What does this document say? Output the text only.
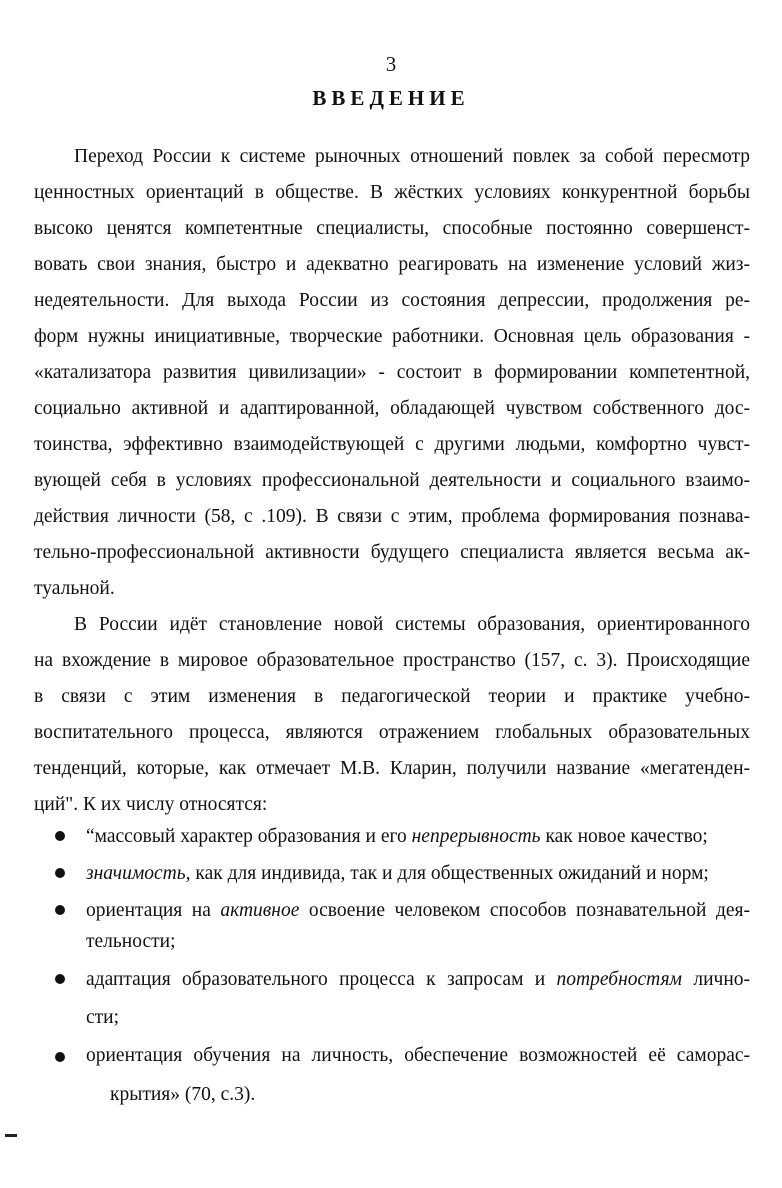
3
ВВЕДЕНИЕ
Переход России к системе рыночных отношений повлек за собой пересмотр
ценностных ориентаций в обществе. В жёстких условиях конкурентной борьбы
высоко ценятся компетентные специалисты, способные постоянно совершенст-
вовать свои знания, быстро и адекватно реагировать на изменение условий жиз-
недеятельности. Для выхода России из состояния депрессии, продолжения ре-
форм нужны инициативные, творческие работники. Основная цель образования -
«катализатора развития цивилизации» - состоит в формировании компетентной,
социально активной и адаптированной, обладающей чувством собственного дос-
тоинства, эффективно взаимодействующей с другими людьми, комфортно чувст-
вующей себя в условиях профессиональной деятельности и социального взаимо-
действия личности (58, с .109). В связи с этим, проблема формирования познава-
тельно-профессиональной активности будущего специалиста является весьма ак-
туальной.
В России идёт становление новой системы образования, ориентированного
на вхождение в мировое образовательное пространство (157, с. 3). Происходящие
в связи с этим изменения в педагогической теории и практике учебно-
воспитательного процесса, являются отражением глобальных образовательных
тенденций, которые, как отмечает М.В. Кларин, получили название «мегатенден-
ций". К их числу относятся:
“массовый характер образования и его непрерывность как новое качество;
значимость, как для индивида, так и для общественных ожиданий и норм;
ориентация на активное освоение человеком способов познавательной дея-
тельности;
адаптация образовательного процесса к запросам и потребностям лично-
сти;
ориентация обучения на личность, обеспечение возможностей её саморас-
крытия» (70, с.3).
